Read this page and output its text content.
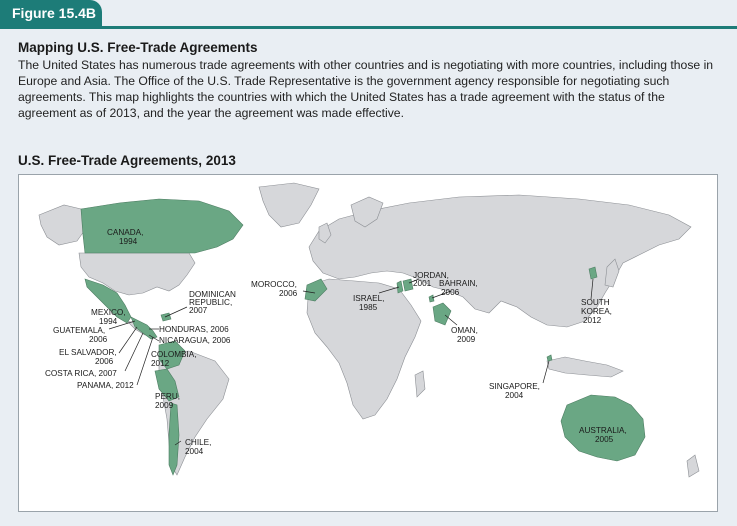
Figure 15.4B
Mapping U.S. Free-Trade Agreements
The United States has numerous trade agreements with other countries and is negotiating with more countries, including those in Europe and Asia. The Office of the U.S. Trade Representative is the government agency responsible for negotiating such agreements. This map highlights the countries with which the United States has a trade agreement with the status of the agreement as of 2013, and the year the agreement was made effective.
U.S. Free-Trade Agreements, 2013
CANADA,
1994
MEXICO,
1994
DOMINICAN
REPUBLIC,
2007
GUATEMALA,
2006
EL SALVADOR,
2006
COSTA RICA, 2007
PANAMA, 2012
HONDURAS, 2006
NICARAGUA, 2006
COLOMBIA,
2012
PERU,
2009
CHILE,
2004
MOROCCO,
2006
JORDAN,
2001 BAHRAIN,
2006
ISRAEL,
1985
OMAN,
2009
SOUTH
KOREA,
2012
SINGAPORE,
2004
AUSTRALIA,
2005
